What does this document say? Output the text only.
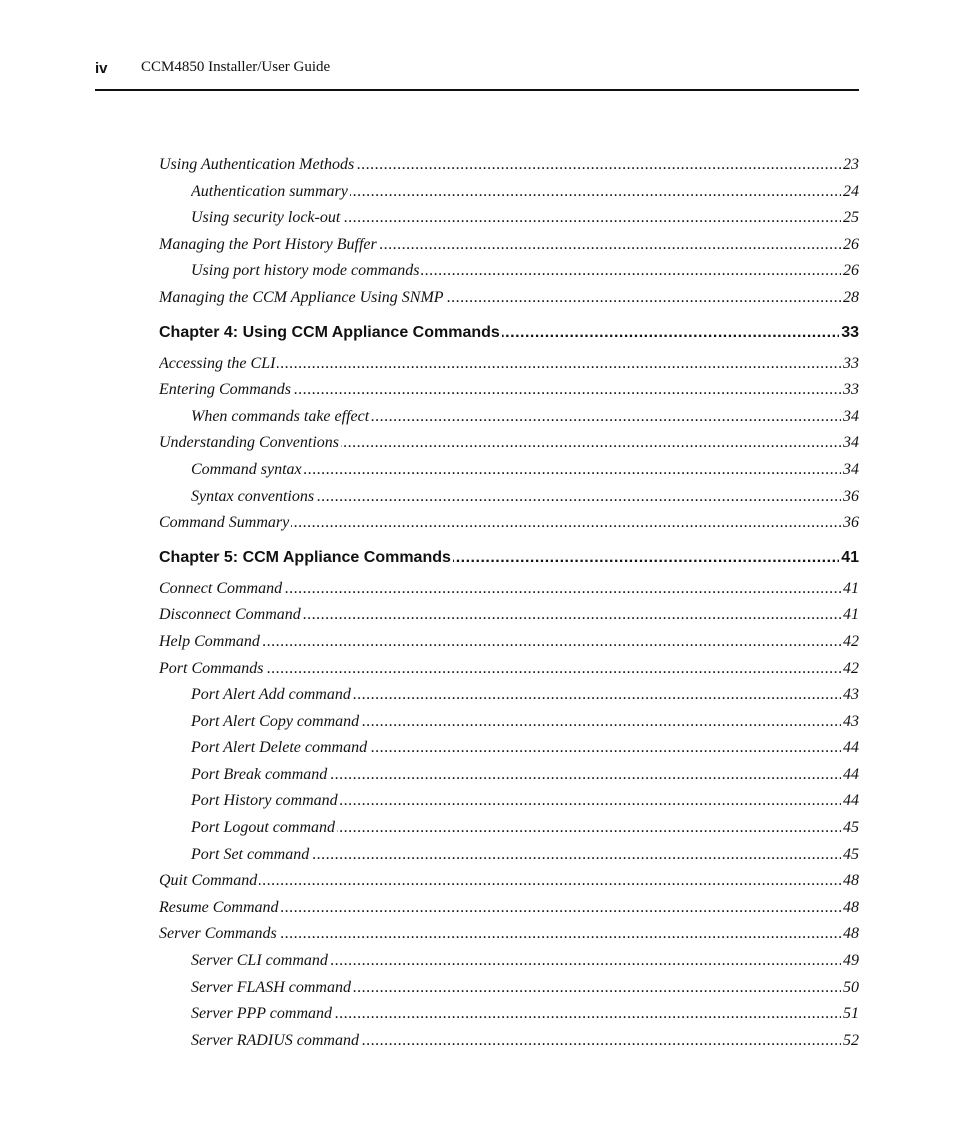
iv CCM4850 Installer/User Guide
.....
Using Authentication Methods	23
.....
Authentication summary	24
.....
Using security lock-out	25
.....
Managing the Port History Buffer	26
.....
Using port history mode commands	26
.....
Managing the CCM Appliance Using SNMP	28
.....
Chapter 4: Using CCM Appliance Commands	33
.....
Accessing the CLI	33
.....
Entering Commands	33
.....
When commands take effect	34
.....
Understanding Conventions	34
.....
Command syntax	34
.....
Syntax conventions	36
.....
Command Summary	36
.....
Chapter 5: CCM Appliance Commands	41
.....
Connect Command	41
.....
Disconnect Command	41
.....
Help Command	42
.....
Port Commands	42
.....
Port Alert Add command	43
.....
Port Alert Copy command	43
.....
Port Alert Delete command	44
.....
Port Break command	44
.....
Port History command	44
.....
Port Logout command	45
.....
Port Set command	45
.....
Quit Command	48
.....
Resume Command	48
.....
Server Commands	48
.....
Server CLI command	49
.....
Server FLASH command	50
.....
Server PPP command	51
.....
Server RADIUS command	52
